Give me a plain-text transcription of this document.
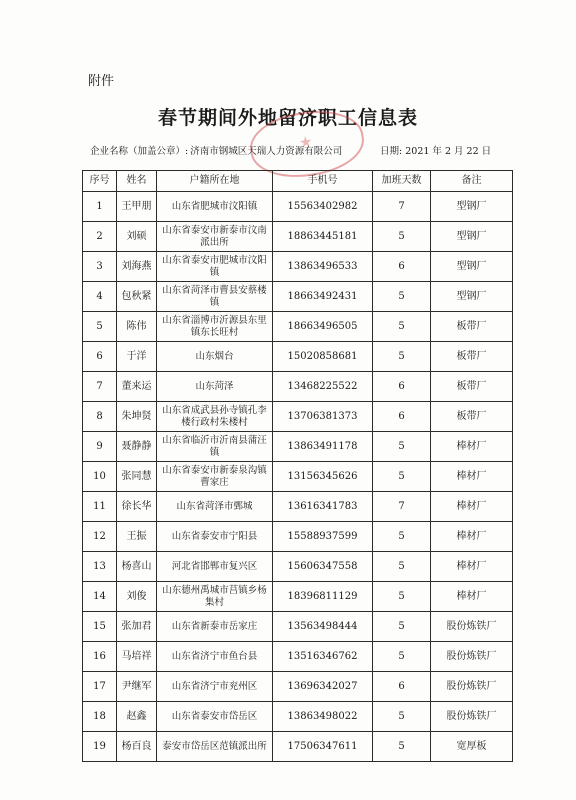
附件
春节期间外地留济职工信息表
企业名称（加盖公章）: 济南市钢城区天瑞人力资源有限公司	日期: 2021 年 2 月 22 日
序号	姓名	户籍所在地	手机号	加班天数	备注
1	王甲朋	山东省肥城市汶阳镇	15563402982	7	型钢厂
2	刘硕	山东省泰安市新泰市汶南派出所	18863445181	5	型钢厂
3	刘海燕	山东省泰安市肥城市汶阳镇	13863496533	6	型钢厂
4	包秋紧	山东省菏泽市曹县安蔡楼镇	18663492431	5	型钢厂
5	陈伟	山东省淄博市沂源县东里镇东长旺村	18663496505	5	板带厂
6	于洋	山东烟台	15020858681	5	板带厂
7	董来运	山东菏泽	13468225522	6	板带厂
8	朱坤贤	山东省成武县孙寺镇孔李楼行政村朱楼村	13706381373	6	板带厂
9	聂静静	山东省临沂市沂南县蒲汪镇	13863491178	5	棒材厂
10	张同慧	山东省泰安市新泰泉沟镇曹家庄	13156345626	5	棒材厂
11	徐长华	山东省菏泽市鄄城	13616341783	7	棒材厂
12	王振	山东省泰安市宁阳县	15588937599	5	棒材厂
13	杨喜山	河北省邯郸市复兴区	15606347558	5	棒材厂
14	刘俊	山东德州禹城市莒镇乡杨集村	18396811129	5	棒材厂
15	张加君	山东省新泰市岳家庄	13563498444	5	股份炼铁厂
16	马培祥	山东省济宁市鱼台县	13516346762	5	股份炼铁厂
17	尹继军	山东省济宁市兖州区	13696342027	6	股份炼铁厂
18	赵鑫	山东省泰安市岱岳区	13863498022	5	股份炼铁厂
19	杨百良	泰安市岱岳区范镇派出所	17506347611	5	宽厚板
